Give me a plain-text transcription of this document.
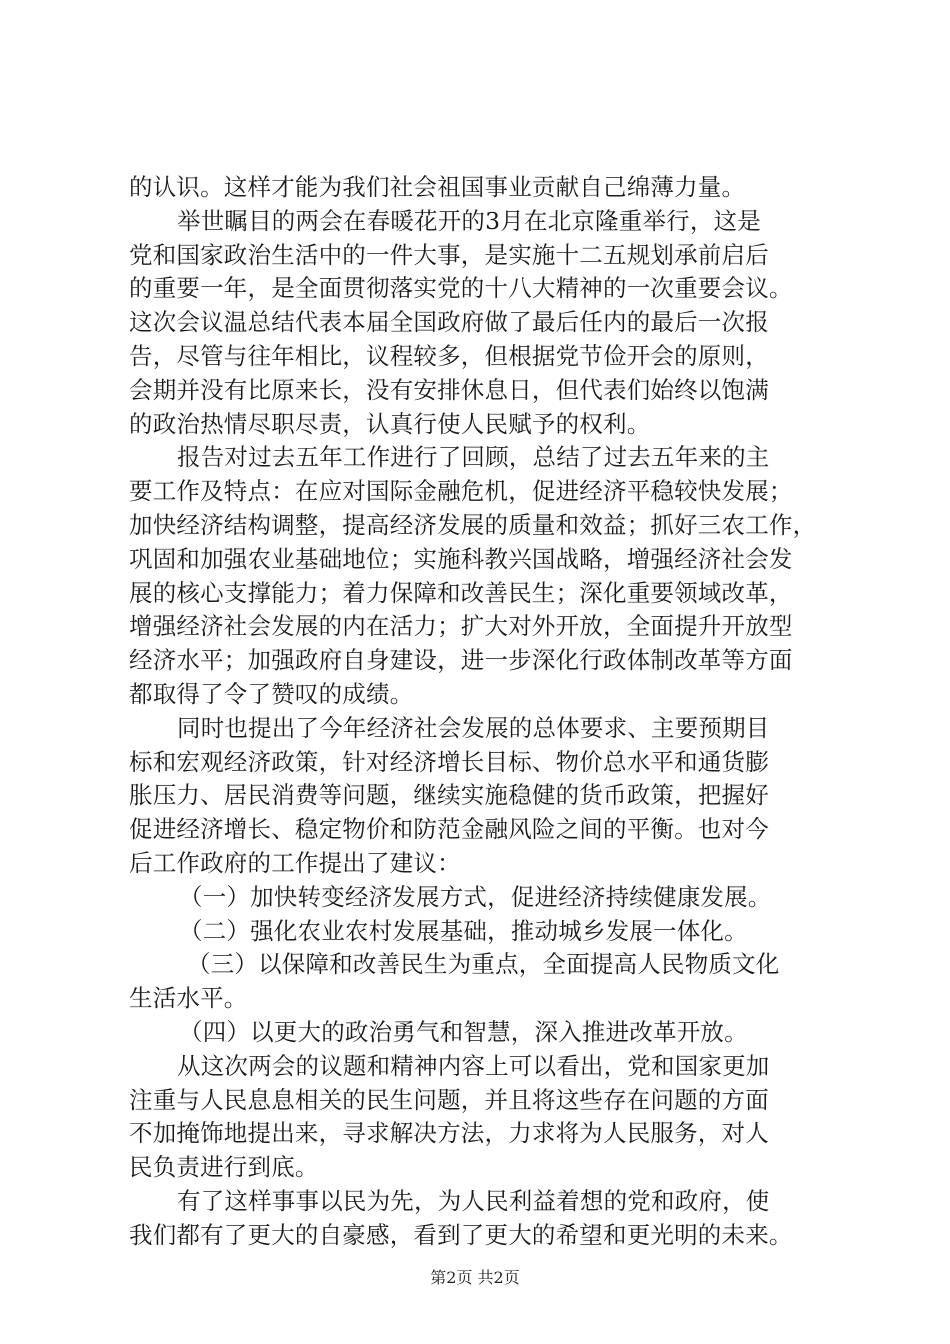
的认识。这样才能为我们社会祖国事业贡献自己绵薄力量。
举世瞩目的两会在春暖花开的3月在北京隆重举行，这是
党和国家政治生活中的一件大事，是实施十二五规划承前启后
的重要一年，是全面贯彻落实党的十八大精神的一次重要会议。
这次会议温总结代表本届全国政府做了最后任内的最后一次报
告，尽管与往年相比，议程较多，但根据党节俭开会的原则，
会期并没有比原来长，没有安排休息日，但代表们始终以饱满
的政治热情尽职尽责，认真行使人民赋予的权利。
报告对过去五年工作进行了回顾，总结了过去五年来的主
要工作及特点：在应对国际金融危机，促进经济平稳较快发展；
加快经济结构调整，提高经济发展的质量和效益；抓好三农工作，
巩固和加强农业基础地位；实施科教兴国战略，增强经济社会发
展的核心支撑能力；着力保障和改善民生；深化重要领域改革，
增强经济社会发展的内在活力；扩大对外开放，全面提升开放型
经济水平；加强政府自身建设，进一步深化行政体制改革等方面
都取得了令了赞叹的成绩。
同时也提出了今年经济社会发展的总体要求、主要预期目
标和宏观经济政策，针对经济增长目标、物价总水平和通货膨
胀压力、居民消费等问题，继续实施稳健的货币政策，把握好
促进经济增长、稳定物价和防范金融风险之间的平衡。也对今
后工作政府的工作提出了建议：
（一）加快转变经济发展方式，促进经济持续健康发展。
（二）强化农业农村发展基础，推动城乡发展一体化。
（三）以保障和改善民生为重点，全面提高人民物质文化
生活水平。
（四）以更大的政治勇气和智慧，深入推进改革开放。
从这次两会的议题和精神内容上可以看出，党和国家更加
注重与人民息息相关的民生问题，并且将这些存在问题的方面
不加掩饰地提出来，寻求解决方法，力求将为人民服务，对人
民负责进行到底。
有了这样事事以民为先，为人民利益着想的党和政府，使
我们都有了更大的自豪感，看到了更大的希望和更光明的未来。
第2页 共2页
